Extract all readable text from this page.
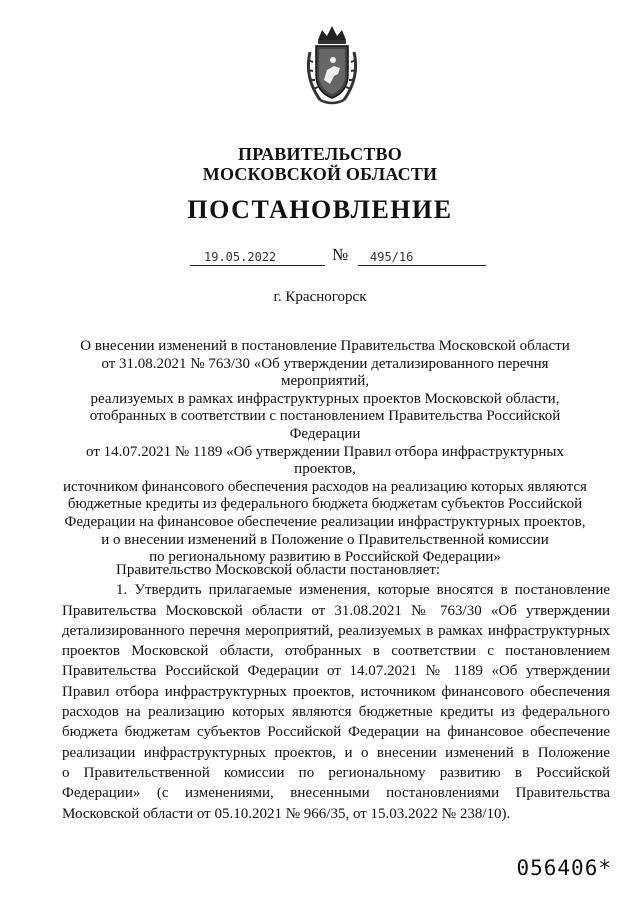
ПРАВИТЕЛЬСТВО
МОСКОВСКОЙ ОБЛАСТИ
ПОСТАНОВЛЕНИЕ
19.05.2022	№	495/16
г. Красногорск

О внесении изменений в постановление Правительства Московской области

от 31.08.2021 № 763/30 «Об утверждении детализированного перечня мероприятий,

реализуемых в рамках инфраструктурных проектов Московской области,

отобранных в соответствии с постановлением Правительства Российской Федерации

от 14.07.2021 № 1189 «Об утверждении Правил отбора инфраструктурных проектов,

источником финансового обеспечения расходов на реализацию которых являются

бюджетные кредиты из федерального бюджета бюджетам субъектов Российской

Федерации на финансовое обеспечение реализации инфраструктурных проектов,

и о внесении изменений в Положение о Правительственной комиссии

по региональному развитию в Российской Федерации»

Правительство Московской области постановляет:
1. Утвердить прилагаемые изменения, которые вносятся в постановление
Правительства Московской области от 31.08.2021 № 763/30 «Об утверждении
детализированного перечня мероприятий, реализуемых в рамках инфраструктурных
проектов Московской области, отобранных в соответствии с постановлением
Правительства Российской Федерации от 14.07.2021 № 1189 «Об утверждении
Правил отбора инфраструктурных проектов, источником финансового обеспечения
расходов на реализацию которых являются бюджетные кредиты из федерального
бюджета бюджетам субъектов Российской Федерации на финансовое обеспечение
реализации инфраструктурных проектов, и о внесении изменений в Положение
о Правительственной комиссии по региональному развитию в Российской
Федерации» (с изменениями, внесенными постановлениями Правительства
Московской области от 05.10.2021 № 966/35, от 15.03.2022 № 238/10).
056406*
